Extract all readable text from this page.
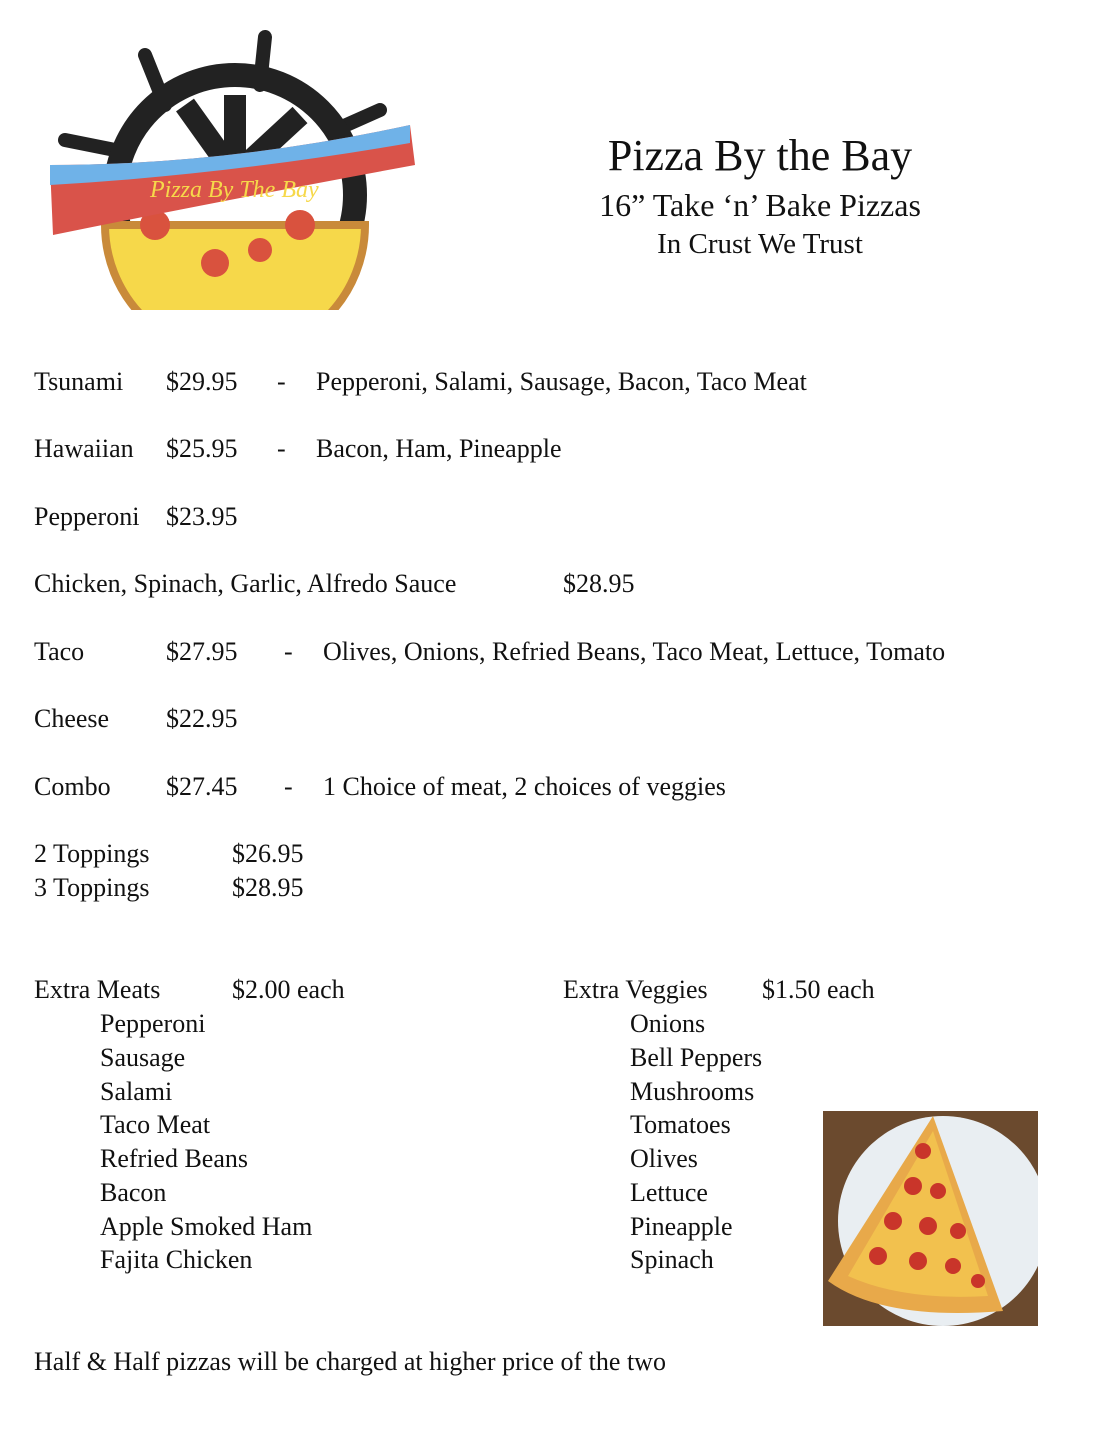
Pizza By The Bay
Pizza By the Bay
16” Take ‘n’ Bake Pizzas
In Crust We Trust
Tsunami $29.95 - Pepperoni, Salami, Sausage, Bacon, Taco Meat
Hawaiian $25.95 - Bacon, Ham, Pineapple
Pepperoni $23.95
Chicken, Spinach, Garlic, Alfredo Sauce	$28.95
Taco	$27.95 - Olives, Onions, Refried Beans, Taco Meat, Lettuce, Tomato
Cheese $22.95
Combo $27.45 - 1 Choice of meat, 2 choices of veggies
2 Toppings	$26.95
3 Toppings	$28.95
Extra Meats	$2.00 each
Pepperoni
Sausage
Salami
Taco Meat
Refried Beans
Bacon
Apple Smoked Ham
Fajita Chicken
Extra Veggies $1.50 each
Onions
Bell Peppers
Mushrooms
Tomatoes
Olives
Lettuce
Pineapple
Spinach
Half & Half pizzas will be charged at higher price of the two
